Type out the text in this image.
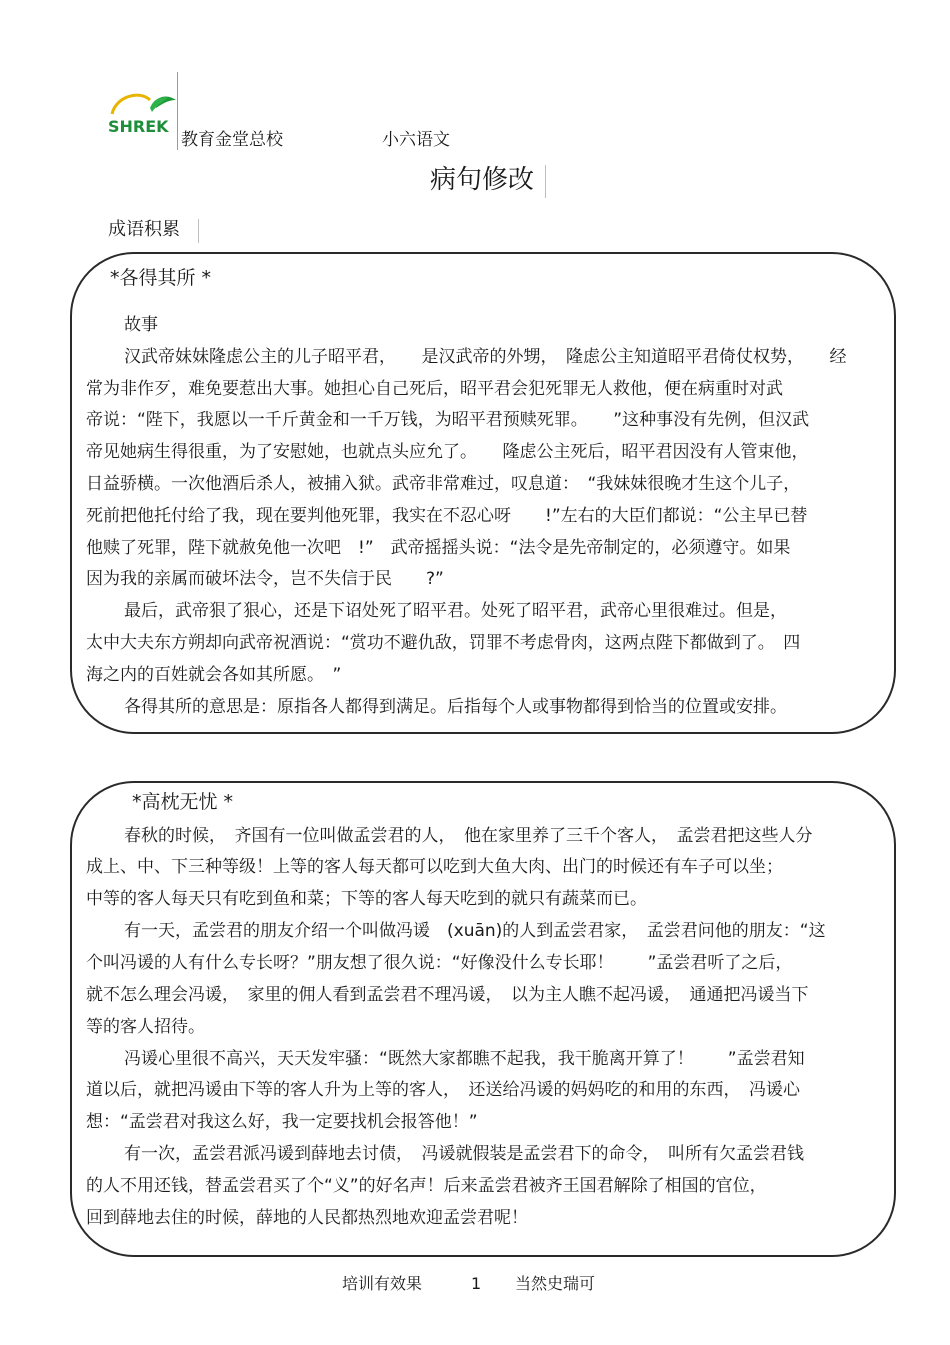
SHREK
教育金堂总校	小六语文
病句修改
成语积累
*各得其所 *
故事
汉武帝妹妹隆虑公主的儿子昭平君，　　是汉武帝的外甥，　隆虑公主知道昭平君倚仗权势，　　经
常为非作歹，难免要惹出大事。她担心自己死后，昭平君会犯死罪无人救他，便在病重时对武
帝说：“陛下，我愿以一千斤黄金和一千万钱，为昭平君预赎死罪。　　”这种事没有先例，但汉武
帝见她病生得很重，为了安慰她，也就点头应允了。　　隆虑公主死后，昭平君因没有人管束他，
日益骄横。一次他酒后杀人，被捕入狱。武帝非常难过，叹息道：　“我妹妹很晚才生这个儿子，
死前把他托付给了我，现在要判他死罪，我实在不忍心呀　　!”左右的大臣们都说：“公主早已替
他赎了死罪，陛下就赦免他一次吧　!”　武帝摇摇头说：“法令是先帝制定的，必须遵守。如果
因为我的亲属而破坏法令，岂不失信于民　　?”
最后，武帝狠了狠心，还是下诏处死了昭平君。处死了昭平君，武帝心里很难过。但是，
太中大夫东方朔却向武帝祝酒说：“赏功不避仇敌，罚罪不考虑骨肉，这两点陛下都做到了。　四
海之内的百姓就会各如其所愿。　”
各得其所的意思是：原指各人都得到满足。后指每个人或事物都得到恰当的位置或安排。
*高枕无忧 *
春秋的时候，　齐国有一位叫做孟尝君的人，　他在家里养了三千个客人，　孟尝君把这些人分
成上、中、下三种等级！上等的客人每天都可以吃到大鱼大肉、出门的时候还有车子可以坐；
中等的客人每天只有吃到鱼和菜；下等的客人每天吃到的就只有蔬菜而已。
有一天，孟尝君的朋友介绍一个叫做冯谖　(xuān)的人到孟尝君家，　孟尝君问他的朋友：“这
个叫冯谖的人有什么专长呀？”朋友想了很久说：“好像没什么专长耶！　　”孟尝君听了之后，
就不怎么理会冯谖，　家里的佣人看到孟尝君不理冯谖，　以为主人瞧不起冯谖，　通通把冯谖当下
等的客人招待。
冯谖心里很不高兴，天天发牢骚：“既然大家都瞧不起我，我干脆离开算了！　　”孟尝君知
道以后，就把冯谖由下等的客人升为上等的客人，　还送给冯谖的妈妈吃的和用的东西，　冯谖心
想：“孟尝君对我这么好，我一定要找机会报答他！”
有一次，孟尝君派冯谖到薛地去讨债，　冯谖就假装是孟尝君下的命令，　叫所有欠孟尝君钱
的人不用还钱，替孟尝君买了个“义”的好名声！后来孟尝君被齐王国君解除了相国的官位，
回到薛地去住的时候，薛地的人民都热烈地欢迎孟尝君呢！
培训有效果	1 当然史瑞可
